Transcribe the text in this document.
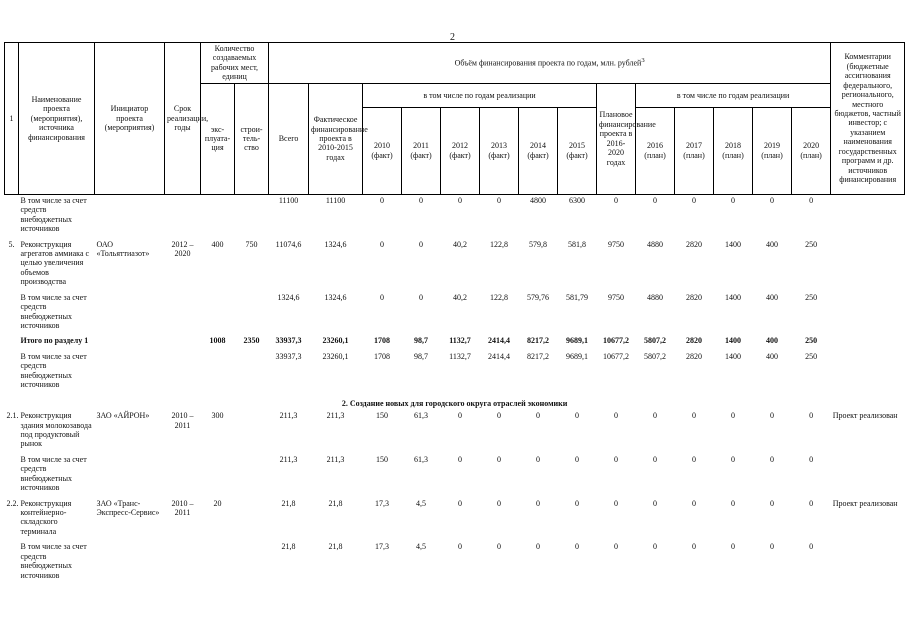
2
1	Наименование проекта (мероприятия), источника финансирования	Инициатор проекта (мероприятия)	Срок реализации, годы	Количество создаваемых рабочих мест, единиц		Объём финансирования проекта по годам, млн. рублей$^3$														Комментарии (бюджетные ассигнования федерального, регионального, местного бюджетов, частный инвестор; с указанием наименования государственных программ и др. источников финансирования
				экс-плуата-ция	строи-тель-ство	Всего	Фактическое финансирование проекта в 2010-2015 годах	в том числе по годам реализации						Плановое финансирование проекта в 2016-2020 годах	в том числе по годам реализации					
								2010 (факт)	2011 (факт)	2012 (факт)	2013 (факт)	2014 (факт)	2015 (факт)		2016 (план)	2017 (план)	2018 (план)	2019 (план)	2020 (план)	
	В том числе за счет средств внебюджетных источников					11100	11100	0	0	0	0	4800	6300	0	0	0	0	0	0	
5.	Реконструкция агрегатов аммиака с целью увеличения объемов производства	ОАО «Тольяттиазот»	2012 – 2020	400	750	11074,6	1324,6	0	0	40,2	122,8	579,8	581,8	9750	4880	2820	1400	400	250	
	В том числе за счет средств внебюджетных источников					1324,6	1324,6	0	0	40,2	122,8	579,76	581,79	9750	4880	2820	1400	400	250	
	Итого по разделу 1			1008	2350	33937,3	23260,1	1708	98,7	1132,7	2414,4	8217,2	9689,1	10677,2	5807,2	2820	1400	400	250	
	В том числе за счет средств внебюджетных источников					33937,3	23260,1	1708	98,7	1132,7	2414,4	8217,2	9689,1	10677,2	5807,2	2820	1400	400	250	
2. Создание новых для городского округа отраслей экономики																				
2.1.	Реконструкция здания молокозавода под продуктовый рынок	ЗАО «АЙРОН»	2010 – 2011	300		211,3	211,3	150	61,3	0	0	0	0	0	0	0	0	0	0	Проект реализован
	В том числе за счет средств внебюджетных источников					211,3	211,3	150	61,3	0	0	0	0	0	0	0	0	0	0	
2.2.	Реконструкция контейнерно-складского терминала	ЗАО «Транс-Экспресс-Сервис»	2010 – 2011	20		21,8	21,8	17,3	4,5	0	0	0	0	0	0	0	0	0	0	Проект реализован
	В том числе за счет средств внебюджетных источников					21,8	21,8	17,3	4,5	0	0	0	0	0	0	0	0	0	0	
